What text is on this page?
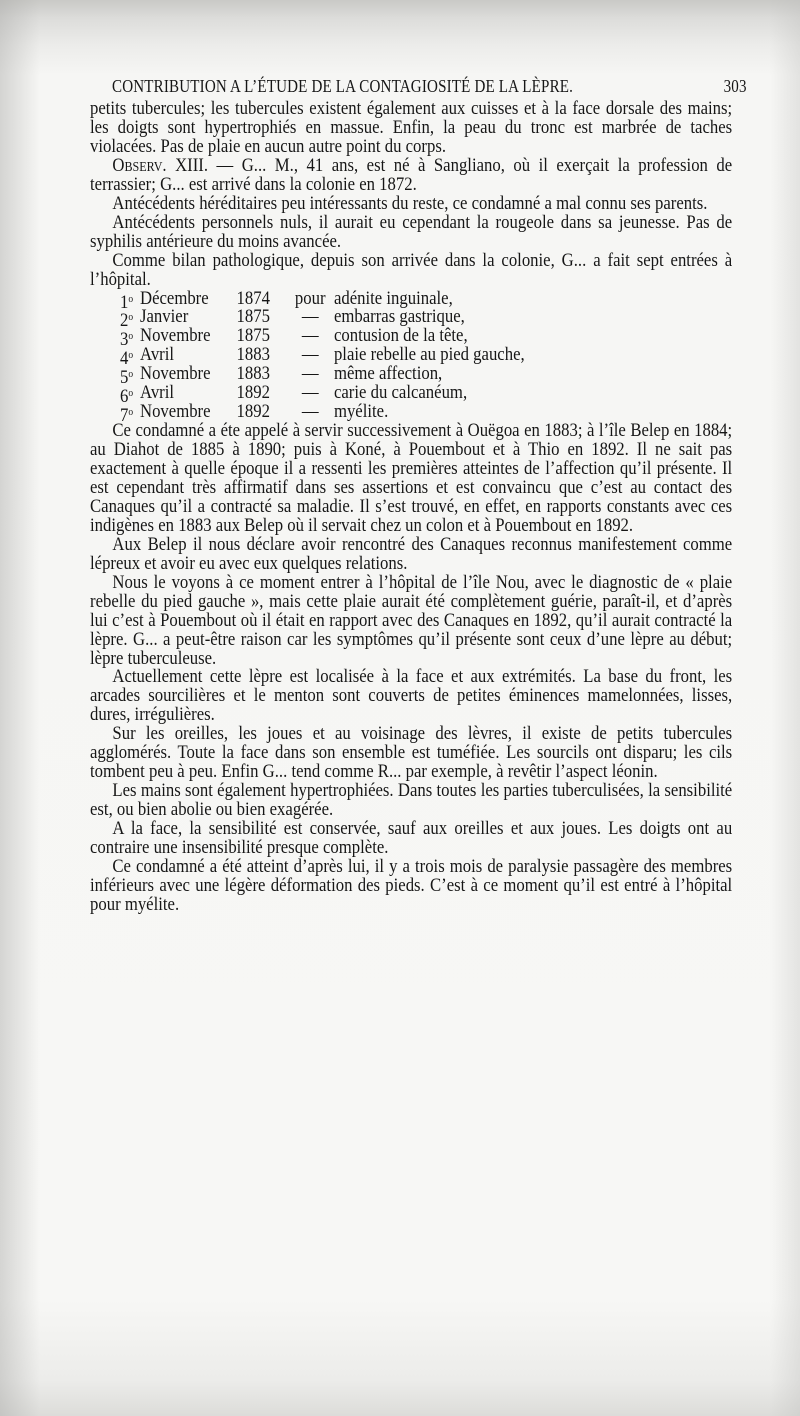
CONTRIBUTION A L’ÉTUDE DE LA CONTAGIOSITÉ DE LA LÈPRE.	303

petits tubercules; les tubercules existent également aux cuisses et à la face dorsale des mains; les doigts sont hypertrophiés en massue. Enfin, la peau du tronc est marbrée de taches violacées. Pas de plaie en aucun autre point du corps.

Observ. XIII. — G... M., 41 ans, est né à Sangliano, où il exerçait la profession de terrassier; G... est arrivé dans la colonie en 1872.

Antécédents héréditaires peu intéressants du reste, ce condamné a mal connu ses parents.

Antécédents personnels nuls, il aurait eu cependant la rougeole dans sa jeunesse. Pas de syphilis antérieure du moins avancée.

Comme bilan pathologique, depuis son arrivée dans la colonie, G... a fait sept entrées à l’hôpital.

1$^o$ Décembre	1874	pour adénite inguinale,
2$^o$ Janvier	1875	— embarras gastrique,
3$^o$ Novembre	1875	— contusion de la tête,
4$^o$ Avril	1883	— plaie rebelle au pied gauche,
5$^o$ Novembre	1883	— même affection,
6$^o$ Avril	1892	— carie du calcanéum,
7$^o$ Novembre	1892	— myélite.

Ce condamné a éte appelé à servir successivement à Ouëgoa en 1883; à l’île Belep en 1884; au Diahot de 1885 à 1890; puis à Koné, à Pouembout et à Thio en 1892. Il ne sait pas exactement à quelle époque il a ressenti les premières atteintes de l’affection qu’il présente. Il est cependant très affirmatif dans ses assertions et est convaincu que c’est au contact des Canaques qu’il a contracté sa maladie. Il s’est trouvé, en effet, en rapports constants avec ces indigènes en 1883 aux Belep où il servait chez un colon et à Pouembout en 1892.

Aux Belep il nous déclare avoir rencontré des Canaques reconnus manifestement comme lépreux et avoir eu avec eux quelques relations.

Nous le voyons à ce moment entrer à l’hôpital de l’île Nou, avec le diagnostic de « plaie rebelle du pied gauche », mais cette plaie aurait été complètement guérie, paraît-il, et d’après lui c’est à Pouembout où il était en rapport avec des Canaques en 1892, qu’il aurait contracté la lèpre. G... a peut-être raison car les symptômes qu’il présente sont ceux d’une lèpre au début; lèpre tuberculeuse.

Actuellement cette lèpre est localisée à la face et aux extrémités. La base du front, les arcades sourcilières et le menton sont couverts de petites éminences mamelonnées, lisses, dures, irrégulières.

Sur les oreilles, les joues et au voisinage des lèvres, il existe de petits tubercules agglomérés. Toute la face dans son ensemble est tuméfiée. Les sourcils ont disparu; les cils tombent peu à peu. Enfin G... tend comme R... par exemple, à revêtir l’aspect léonin.

Les mains sont également hypertrophiées. Dans toutes les parties tuberculisées, la sensibilité est, ou bien abolie ou bien exagérée.

A la face, la sensibilité est conservée, sauf aux oreilles et aux joues. Les doigts ont au contraire une insensibilité presque complète.

Ce condamné a été atteint d’après lui, il y a trois mois de paralysie passagère des membres inférieurs avec une légère déformation des pieds. C’est à ce moment qu’il est entré à l’hôpital pour myélite.
